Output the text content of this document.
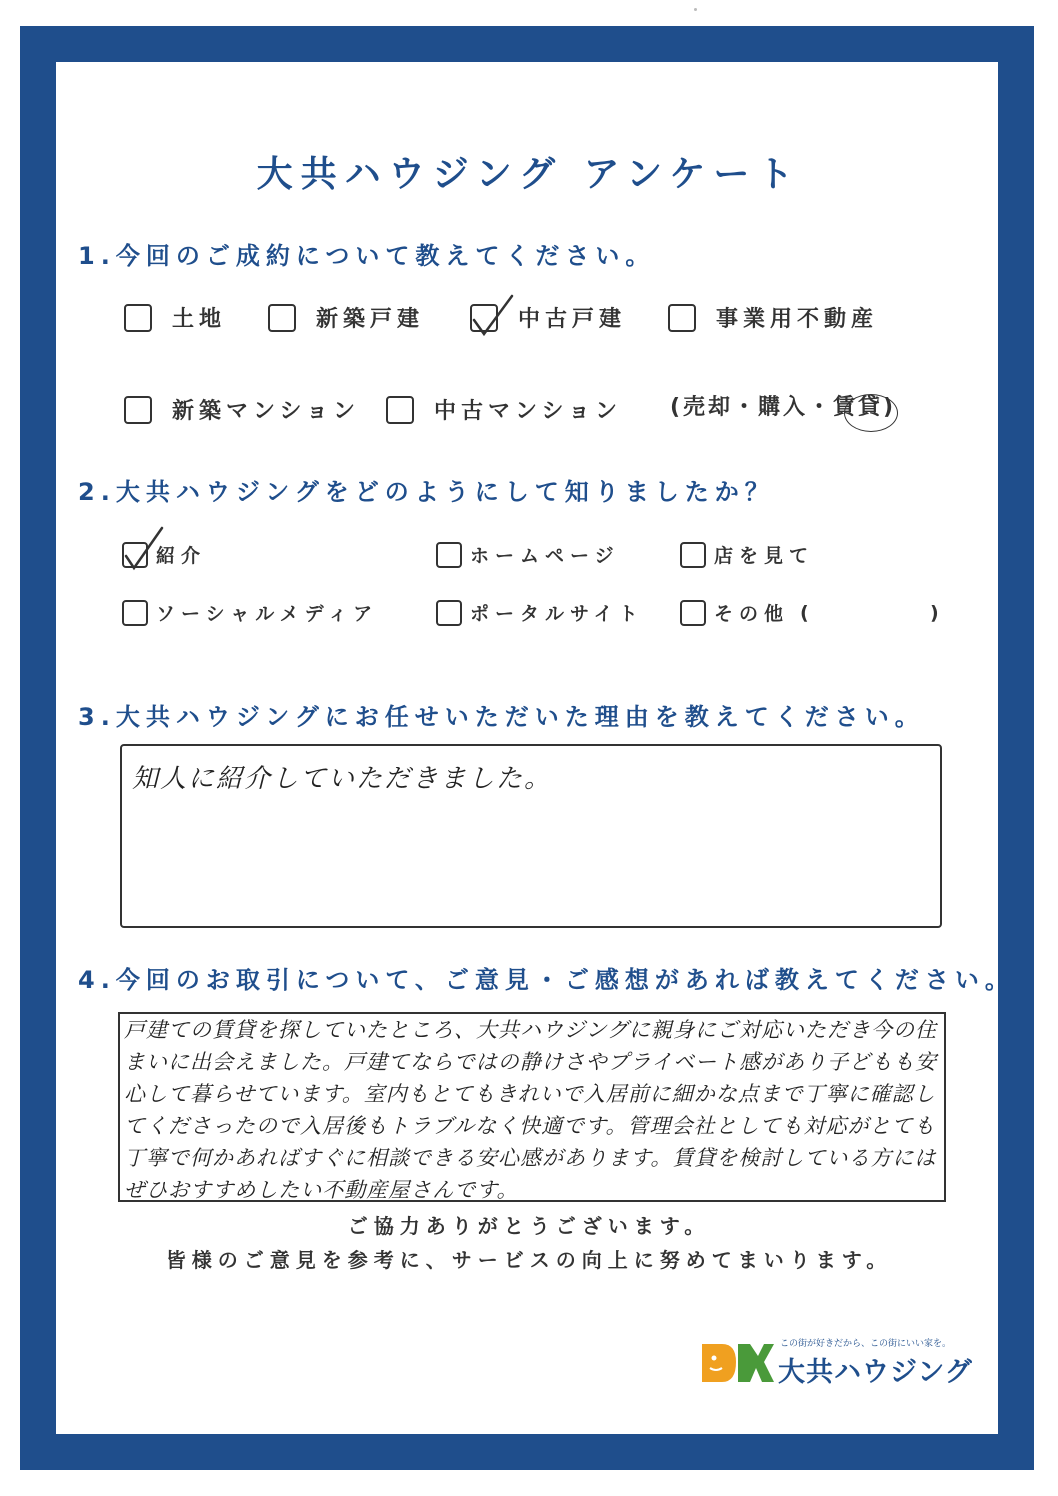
大共ハウジング アンケート
1.今回のご成約について教えてください。
土地	新築戸建	中古戸建	事業用不動産
新築マンション	中古マンション (売却・購入・賃貸)
2.大共ハウジングをどのようにして知りましたか？
紹介	ホームページ	店を見て
ソーシャルメディア	ポータルサイト	その他 (	)
3.大共ハウジングにお任せいただいた理由を教えてください。
知人に紹介していただきました。
4.今回のお取引について、ご意見・ご感想があれば教えてください。
戸建ての賃貸を探していたところ、大共ハウジングに親身にご対応いただき今の住まいに出会えました。戸建てならではの静けさやプライベート感があり子どもも安心して暮らせています。室内もとてもきれいで入居前に細かな点まで丁寧に確認してくださったので入居後もトラブルなく快適です。管理会社としても対応がとても丁寧で何かあればすぐに相談できる安心感があります。賃貸を検討している方にはぜひおすすめしたい不動産屋さんです。
ご協力ありがとうございます。
皆様のご意見を参考に、サービスの向上に努めてまいります。
この街が好きだから、この街にいい家を。
大共ハウジング
